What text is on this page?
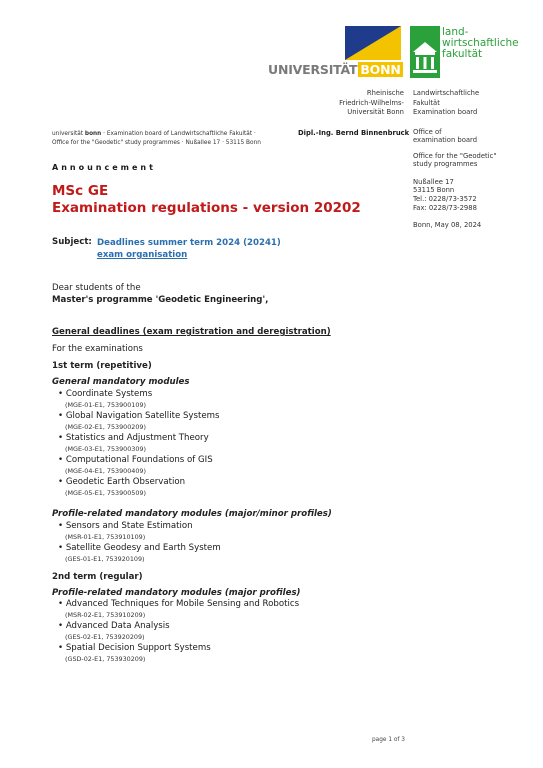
UNIVERSITÄT BONN
land-
wirtschaftliche
fakultät
Rheinische
Friedrich-Wilhelms-
Universität Bonn
Landwirtschaftliche
Fakultät
Examination board
Office of
examination board
Office for the "Geodetic"
study programmes
Nußallee 17
53115 Bonn
Tel.: 0228/73-3572
Fax: 0228/73-2988
Bonn, May 08, 2024
universität bonn · Examination board of Landwirtschaftliche Fakultät ·
Office for the "Geodetic" study programmes · Nußallee 17 · 53115 Bonn
Dipl.-Ing. Bernd Binnenbruck
Announcement
MSc GE
Examination regulations - version 20202
Subject: Deadlines summer term 2024 (20241)
exam organisation
Dear students of the
Master's programme 'Geodetic Engineering',
General deadlines (exam registration and deregistration)
For the examinations
1st term (repetitive)
General mandatory modules
• Coordinate Systems
(MGE-01-E1, 753900109)
• Global Navigation Satellite Systems
(MGE-02-E1, 753900209)
• Statistics and Adjustment Theory
(MGE-03-E1, 753900309)
• Computational Foundations of GIS
(MGE-04-E1, 753900409)
• Geodetic Earth Observation
(MGE-05-E1, 753900509)
Profile-related mandatory modules (major/minor profiles)
• Sensors and State Estimation
(MSR-01-E1, 753910109)
• Satellite Geodesy and Earth System
(GES-01-E1, 753920109)
2nd term (regular)
Profile-related mandatory modules (major profiles)
• Advanced Techniques for Mobile Sensing and Robotics
(MSR-02-E1, 753910209)
• Advanced Data Analysis
(GES-02-E1, 753920209)
• Spatial Decision Support Systems
(GSD-02-E1, 753930209)
page 1 of 3
